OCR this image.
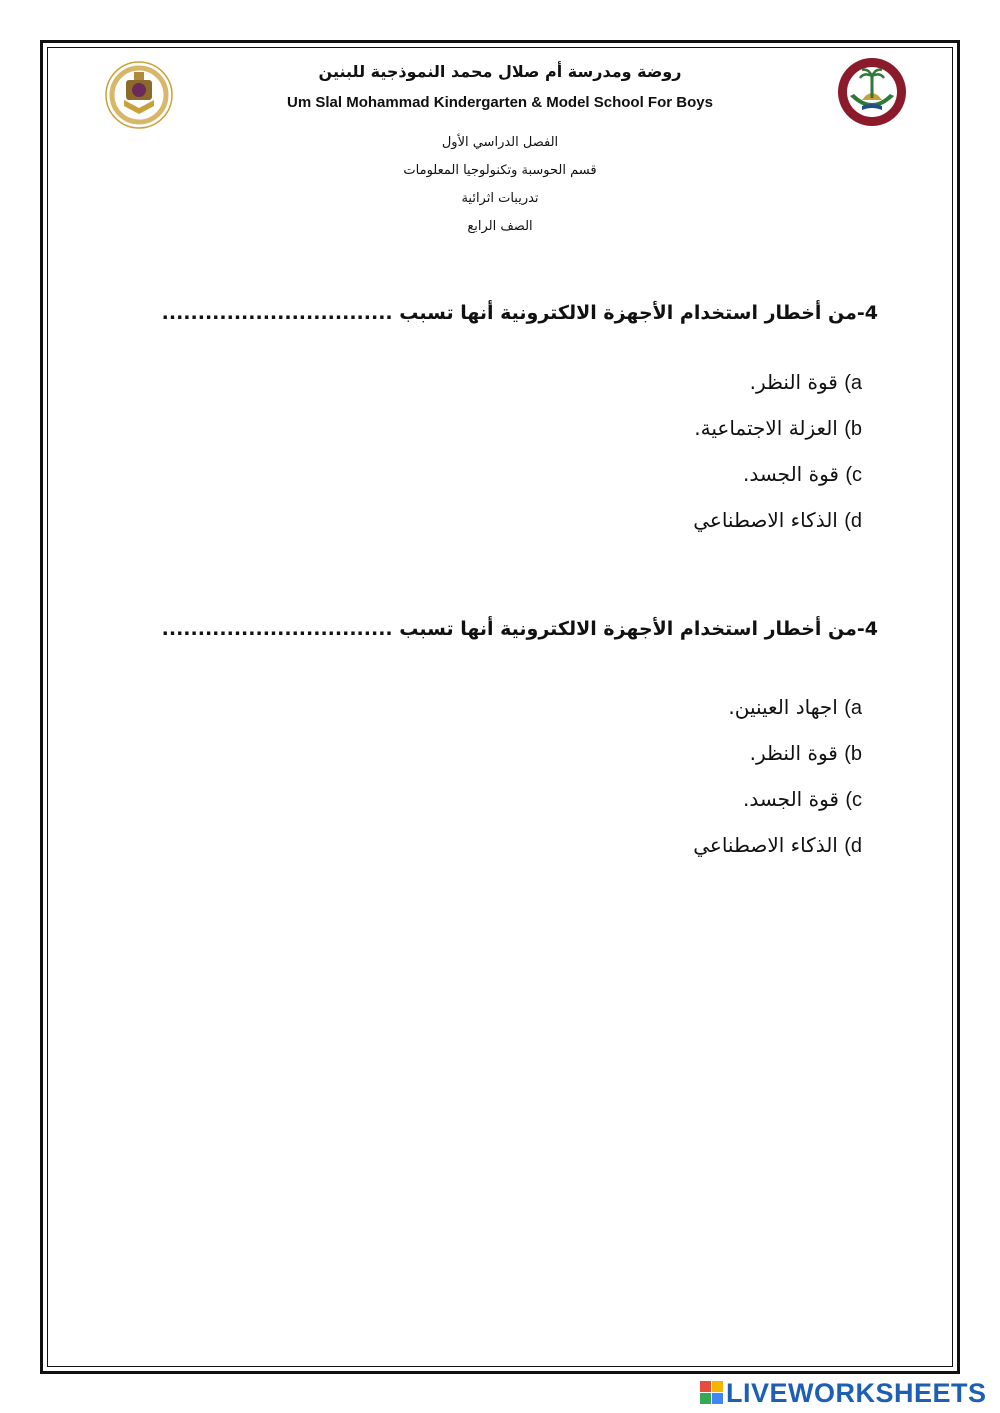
روضة ومدرسة أم صلال محمد النموذجية للبنين
Um Slal Mohammad Kindergarten & Model School For Boys
الفصل الدراسي الأول
قسم الحوسبة وتكنولوجيا المعلومات
تدريبات اثرائية
الصف الرابع
4-من أخطار استخدام الأجهزة الالكترونية أنها تسبب ................................
a) قوة النظر.
b) العزلة الاجتماعية.
c) قوة الجسد.
d) الذكاء الاصطناعي
4-من أخطار استخدام الأجهزة الالكترونية أنها تسبب ................................
a) اجهاد العينين.
b) قوة النظر.
c) قوة الجسد.
d) الذكاء الاصطناعي
LIVEWORKSHEETS
